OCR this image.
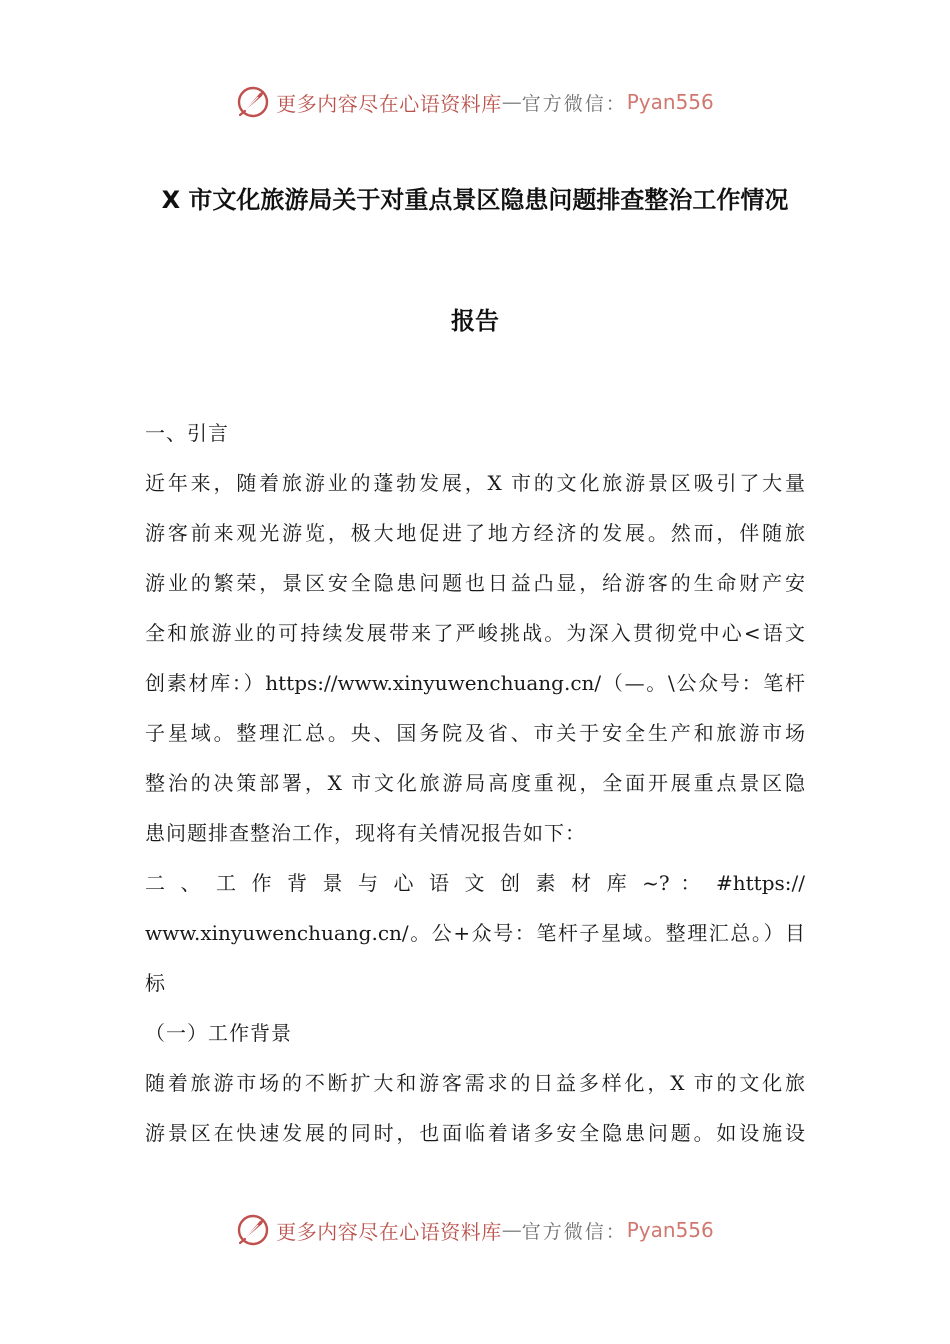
更多内容尽在心语资料库 — 官方微信： Pyan556
X 市文化旅游局关于对重点景区隐患问题排查整治工作情况
报告
一、引言
近年来，随着旅游业的蓬勃发展，X 市的文化旅游景区吸引了大量
游客前来观光游览，极大地促进了地方经济的发展。然而，伴随旅
游业的繁荣，景区安全隐患问题也日益凸显，给游客的生命财产安
全和旅游业的可持续发展带来了严峻挑战。为深入贯彻党中心<语文
创素材库：）https://www.xinyuwenchuang.cn/（—。\公众号：笔杆
子星域。整理汇总。央、国务院及省、市关于安全生产和旅游市场
整治的决策部署，X 市文化旅游局高度重视，全面开展重点景区隐
患问题排查整治工作，现将有关情况报告如下：
二 、 工 作 背 景 与 心 语 文 创 素 材 库 ~? ： #https://
www.xinyuwenchuang.cn/。公+众号：笔杆子星域。整理汇总。）目
标
（一）工作背景
随着旅游市场的不断扩大和游客需求的日益多样化，X 市的文化旅
游景区在快速发展的同时，也面临着诸多安全隐患问题。如设施设
更多内容尽在心语资料库 — 官方微信： Pyan556
